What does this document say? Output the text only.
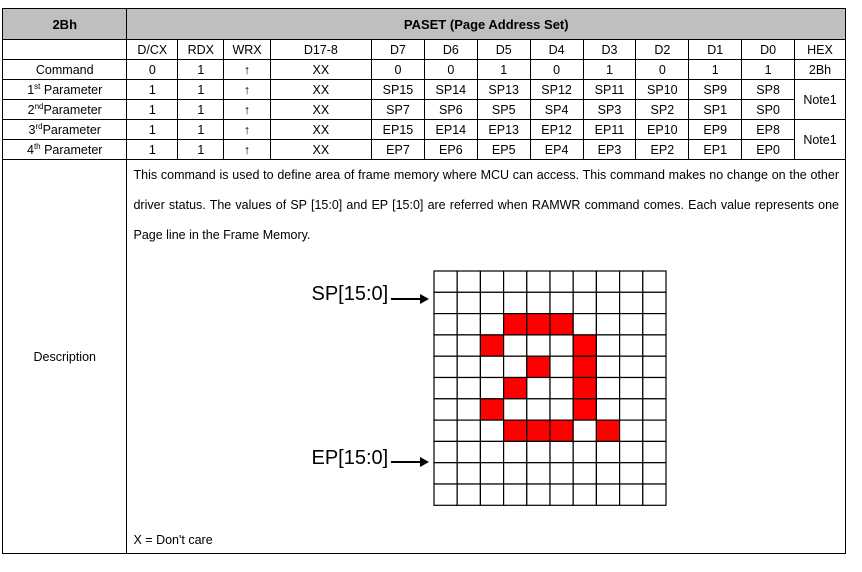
2Bh	PASET (Page Address Set)												
	D/CX	RDX	WRX	D17-8	D7	D6	D5	D4	D3	D2	D1	D0	HEX
Command	0	1	↑	XX	0	0	1	0	1	0	1	1	2Bh
1st Parameter	1	1	↑	XX	SP15	SP14	SP13	SP12	SP11	SP10	SP9	SP8	Note1
2ndParameter	1	1	↑	XX	SP7	SP6	SP5	SP4	SP3	SP2	SP1	SP0	
3rdParameter	1	1	↑	XX	EP15	EP14	EP13	EP12	EP11	EP10	EP9	EP8	Note1
4th Parameter	1	1	↑	XX	EP7	EP6	EP5	EP4	EP3	EP2	EP1	EP0	
Description	This command is used to define area of frame memory where MCU can access. This command makes no change on the other driver status. The values of SP [15:0] and EP [15:0] are referred when RAMWR command comes. Each value represents one Page line in the Frame Memory.
SP[15:0]
EP[15:0]
X = Don't care												
